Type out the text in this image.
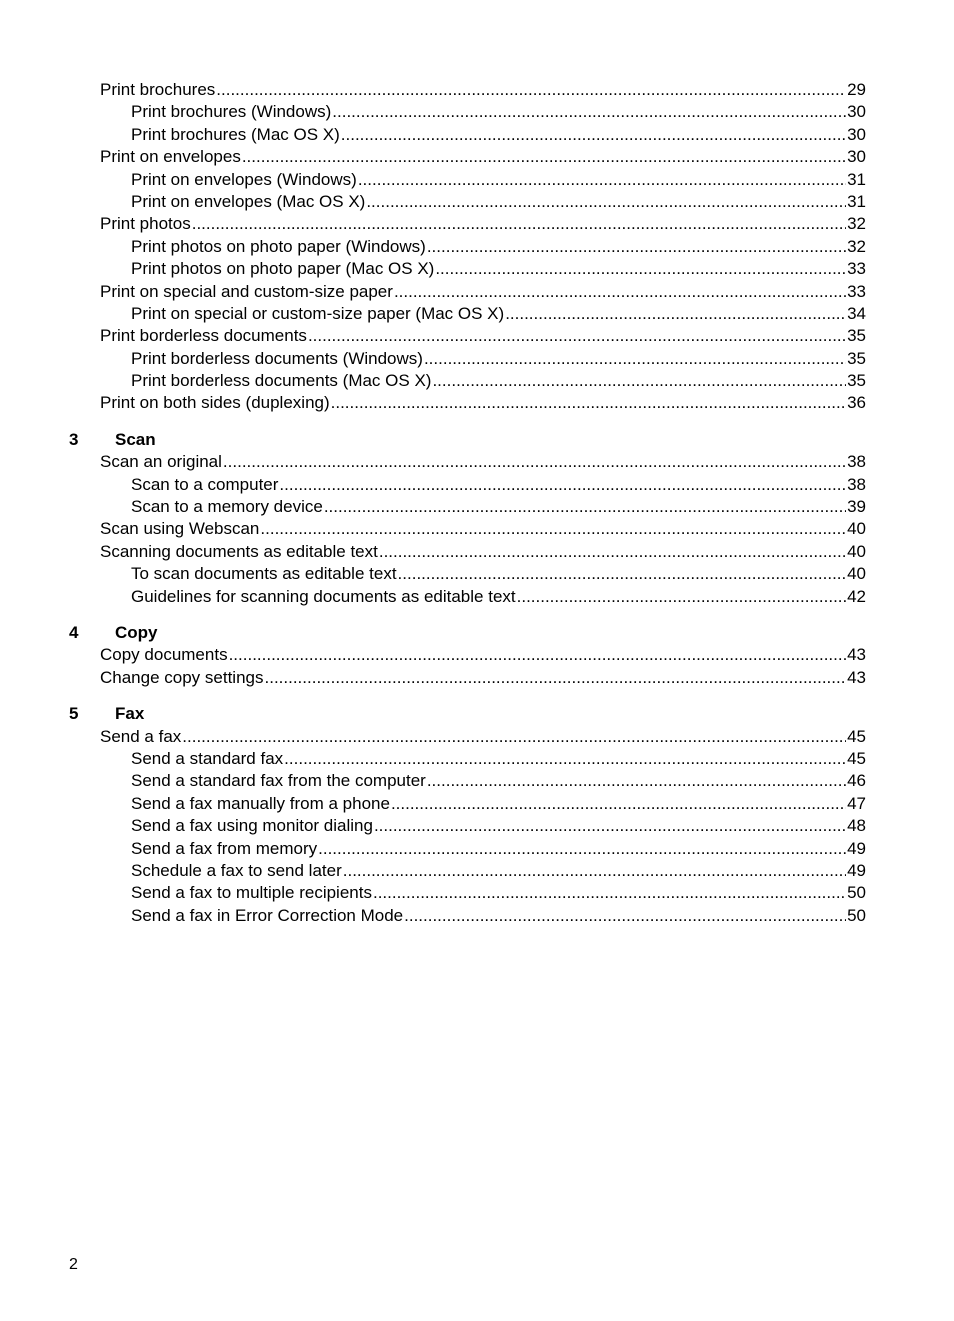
Print brochures .....	29
Print brochures (Windows) .....	30
Print brochures (Mac OS X) .....	30
Print on envelopes .....	30
Print on envelopes (Windows) .....	31
Print on envelopes (Mac OS X) .....	31
Print photos .....	32
Print photos on photo paper (Windows) .....	32
Print photos on photo paper (Mac OS X) .....	33
Print on special and custom-size paper .....	33
Print on special or custom-size paper (Mac OS X) .....	34
Print borderless documents .....	35
Print borderless documents (Windows) .....	35
Print borderless documents (Mac OS X) .....	35
Print on both sides (duplexing) .....	36
3	Scan
Scan an original .....	38
Scan to a computer .....	38
Scan to a memory device .....	39
Scan using Webscan .....	40
Scanning documents as editable text .....	40
To scan documents as editable text .....	40
Guidelines for scanning documents as editable text .....	42
4	Copy
Copy documents .....	43
Change copy settings .....	43
5	Fax
Send a fax .....	45
Send a standard fax .....	45
Send a standard fax from the computer .....	46
Send a fax manually from a phone .....	47
Send a fax using monitor dialing .....	48
Send a fax from memory .....	49
Schedule a fax to send later .....	49
Send a fax to multiple recipients .....	50
Send a fax in Error Correction Mode .....	50
2
